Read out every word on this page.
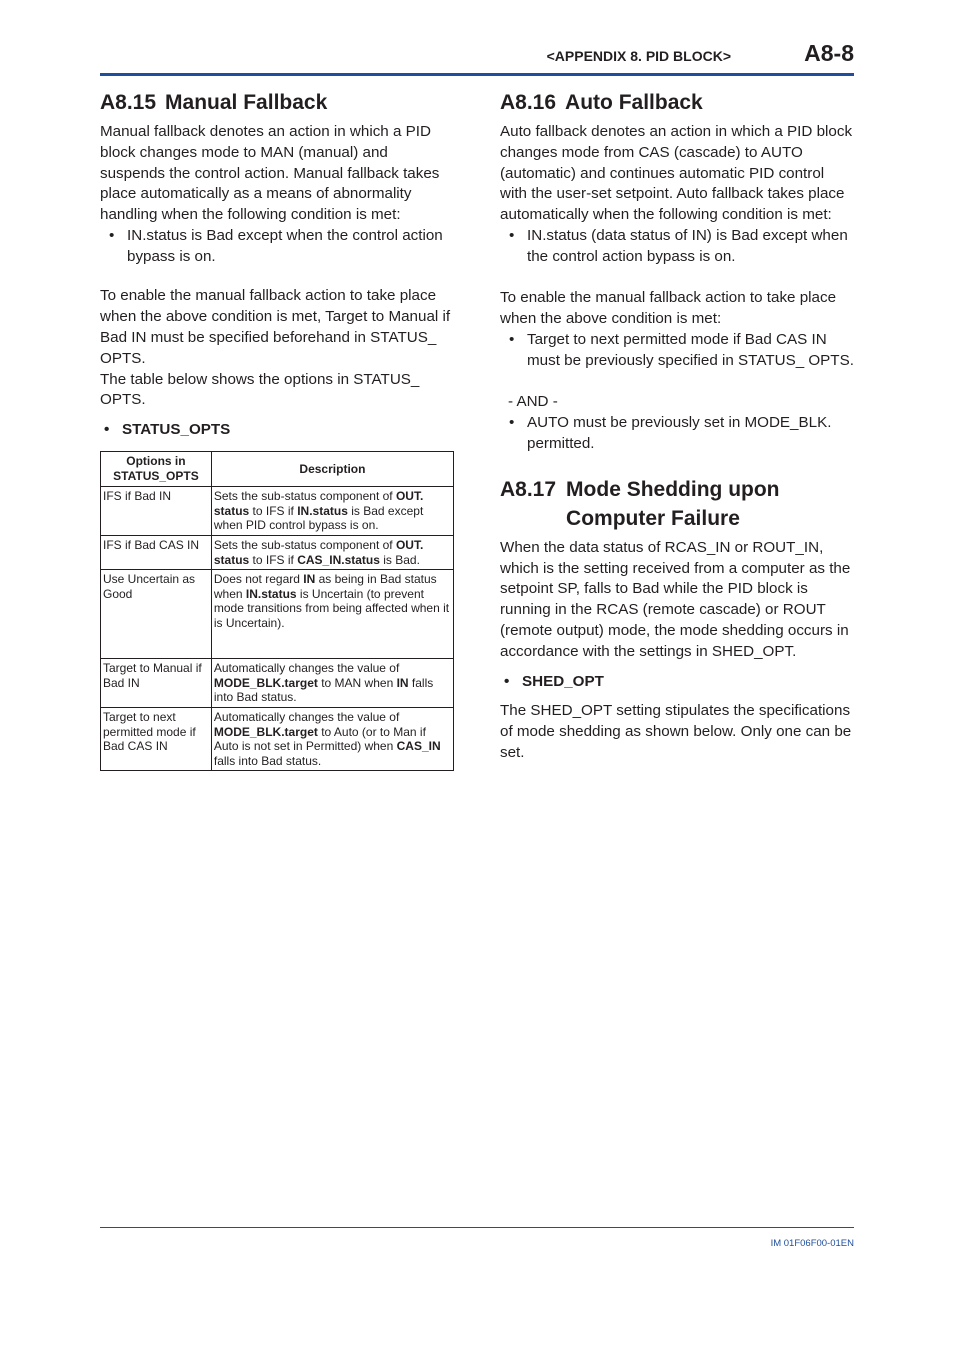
<APPENDIX 8. PID BLOCK>	A8-8
A8.15 Manual Fallback

Manual fallback denotes an action in which a PID block changes mode to MAN (manual) and suspends the control action. Manual fallback takes place automatically as a means of abnormality handling when the following condition is met:

• IN.status is Bad except when the control action bypass is on.

To enable the manual fallback action to take place when the above condition is met, Target to Manual if Bad IN must be specified beforehand in STATUS_ OPTS.

The table below shows the options in STATUS_ OPTS.

• STATUS_OPTS
Options in STATUS_OPTS	Description
IFS if Bad IN	Sets the sub-status component of OUT. status to IFS if IN.status is Bad except when PID control bypass is on.
IFS if Bad CAS IN	Sets the sub-status component of OUT. status to IFS if CAS_IN.status is Bad.
Use Uncertain as Good	Does not regard IN as being in Bad status when IN.status is Uncertain (to prevent mode transitions from being affected when it is Uncertain).
Target to Manual if Bad IN	Automatically changes the value of MODE_BLK.target to MAN when IN falls into Bad status.
Target to next permitted mode if Bad CAS IN	Automatically changes the value of MODE_BLK.target to Auto (or to Man if Auto is not set in Permitted) when CAS_IN falls into Bad status.
A8.16 Auto Fallback

Auto fallback denotes an action in which a PID block changes mode from CAS (cascade) to AUTO (automatic) and continues automatic PID control with the user-set setpoint. Auto fallback takes place automatically when the following condition is met:

• IN.status (data status of IN) is Bad except when the control action bypass is on.

To enable the manual fallback action to take place when the above condition is met:

• Target to next permitted mode if Bad CAS IN must be previously specified in STATUS_ OPTS.
- AND -
• AUTO must be previously set in MODE_BLK. permitted.
A8.17 Mode Shedding upon Computer Failure

When the data status of RCAS_IN or ROUT_IN, which is the setting received from a computer as the setpoint SP, falls to Bad while the PID block is running in the RCAS (remote cascade) or ROUT (remote output) mode, the mode shedding occurs in accordance with the settings in SHED_OPT.

• SHED_OPT

The SHED_OPT setting stipulates the specifications of mode shedding as shown below. Only one can be set.

IM 01F06F00-01EN
